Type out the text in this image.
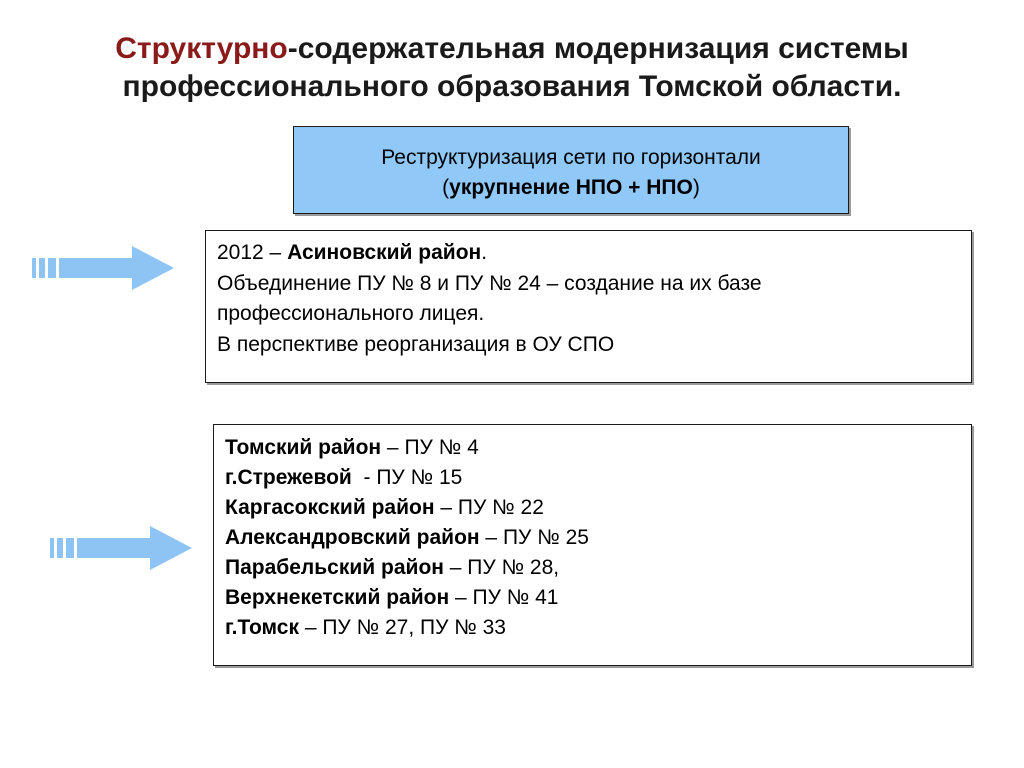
Структурно-содержательная модернизация системы
профессионального образования Томской области.
Реструктуризация сети по горизонтали
(укрупнение НПО + НПО)
2012 – Асиновский район.
Объединение ПУ № 8 и ПУ № 24 – создание на их базе
профессионального лицея.
В перспективе реорганизация в ОУ СПО
Томский район – ПУ № 4
г.Стрежевой  - ПУ № 15
Каргасокский район – ПУ № 22
Александровский район – ПУ № 25
Парабельский район – ПУ № 28,
Верхнекетский район – ПУ № 41
г.Томск – ПУ № 27, ПУ № 33
